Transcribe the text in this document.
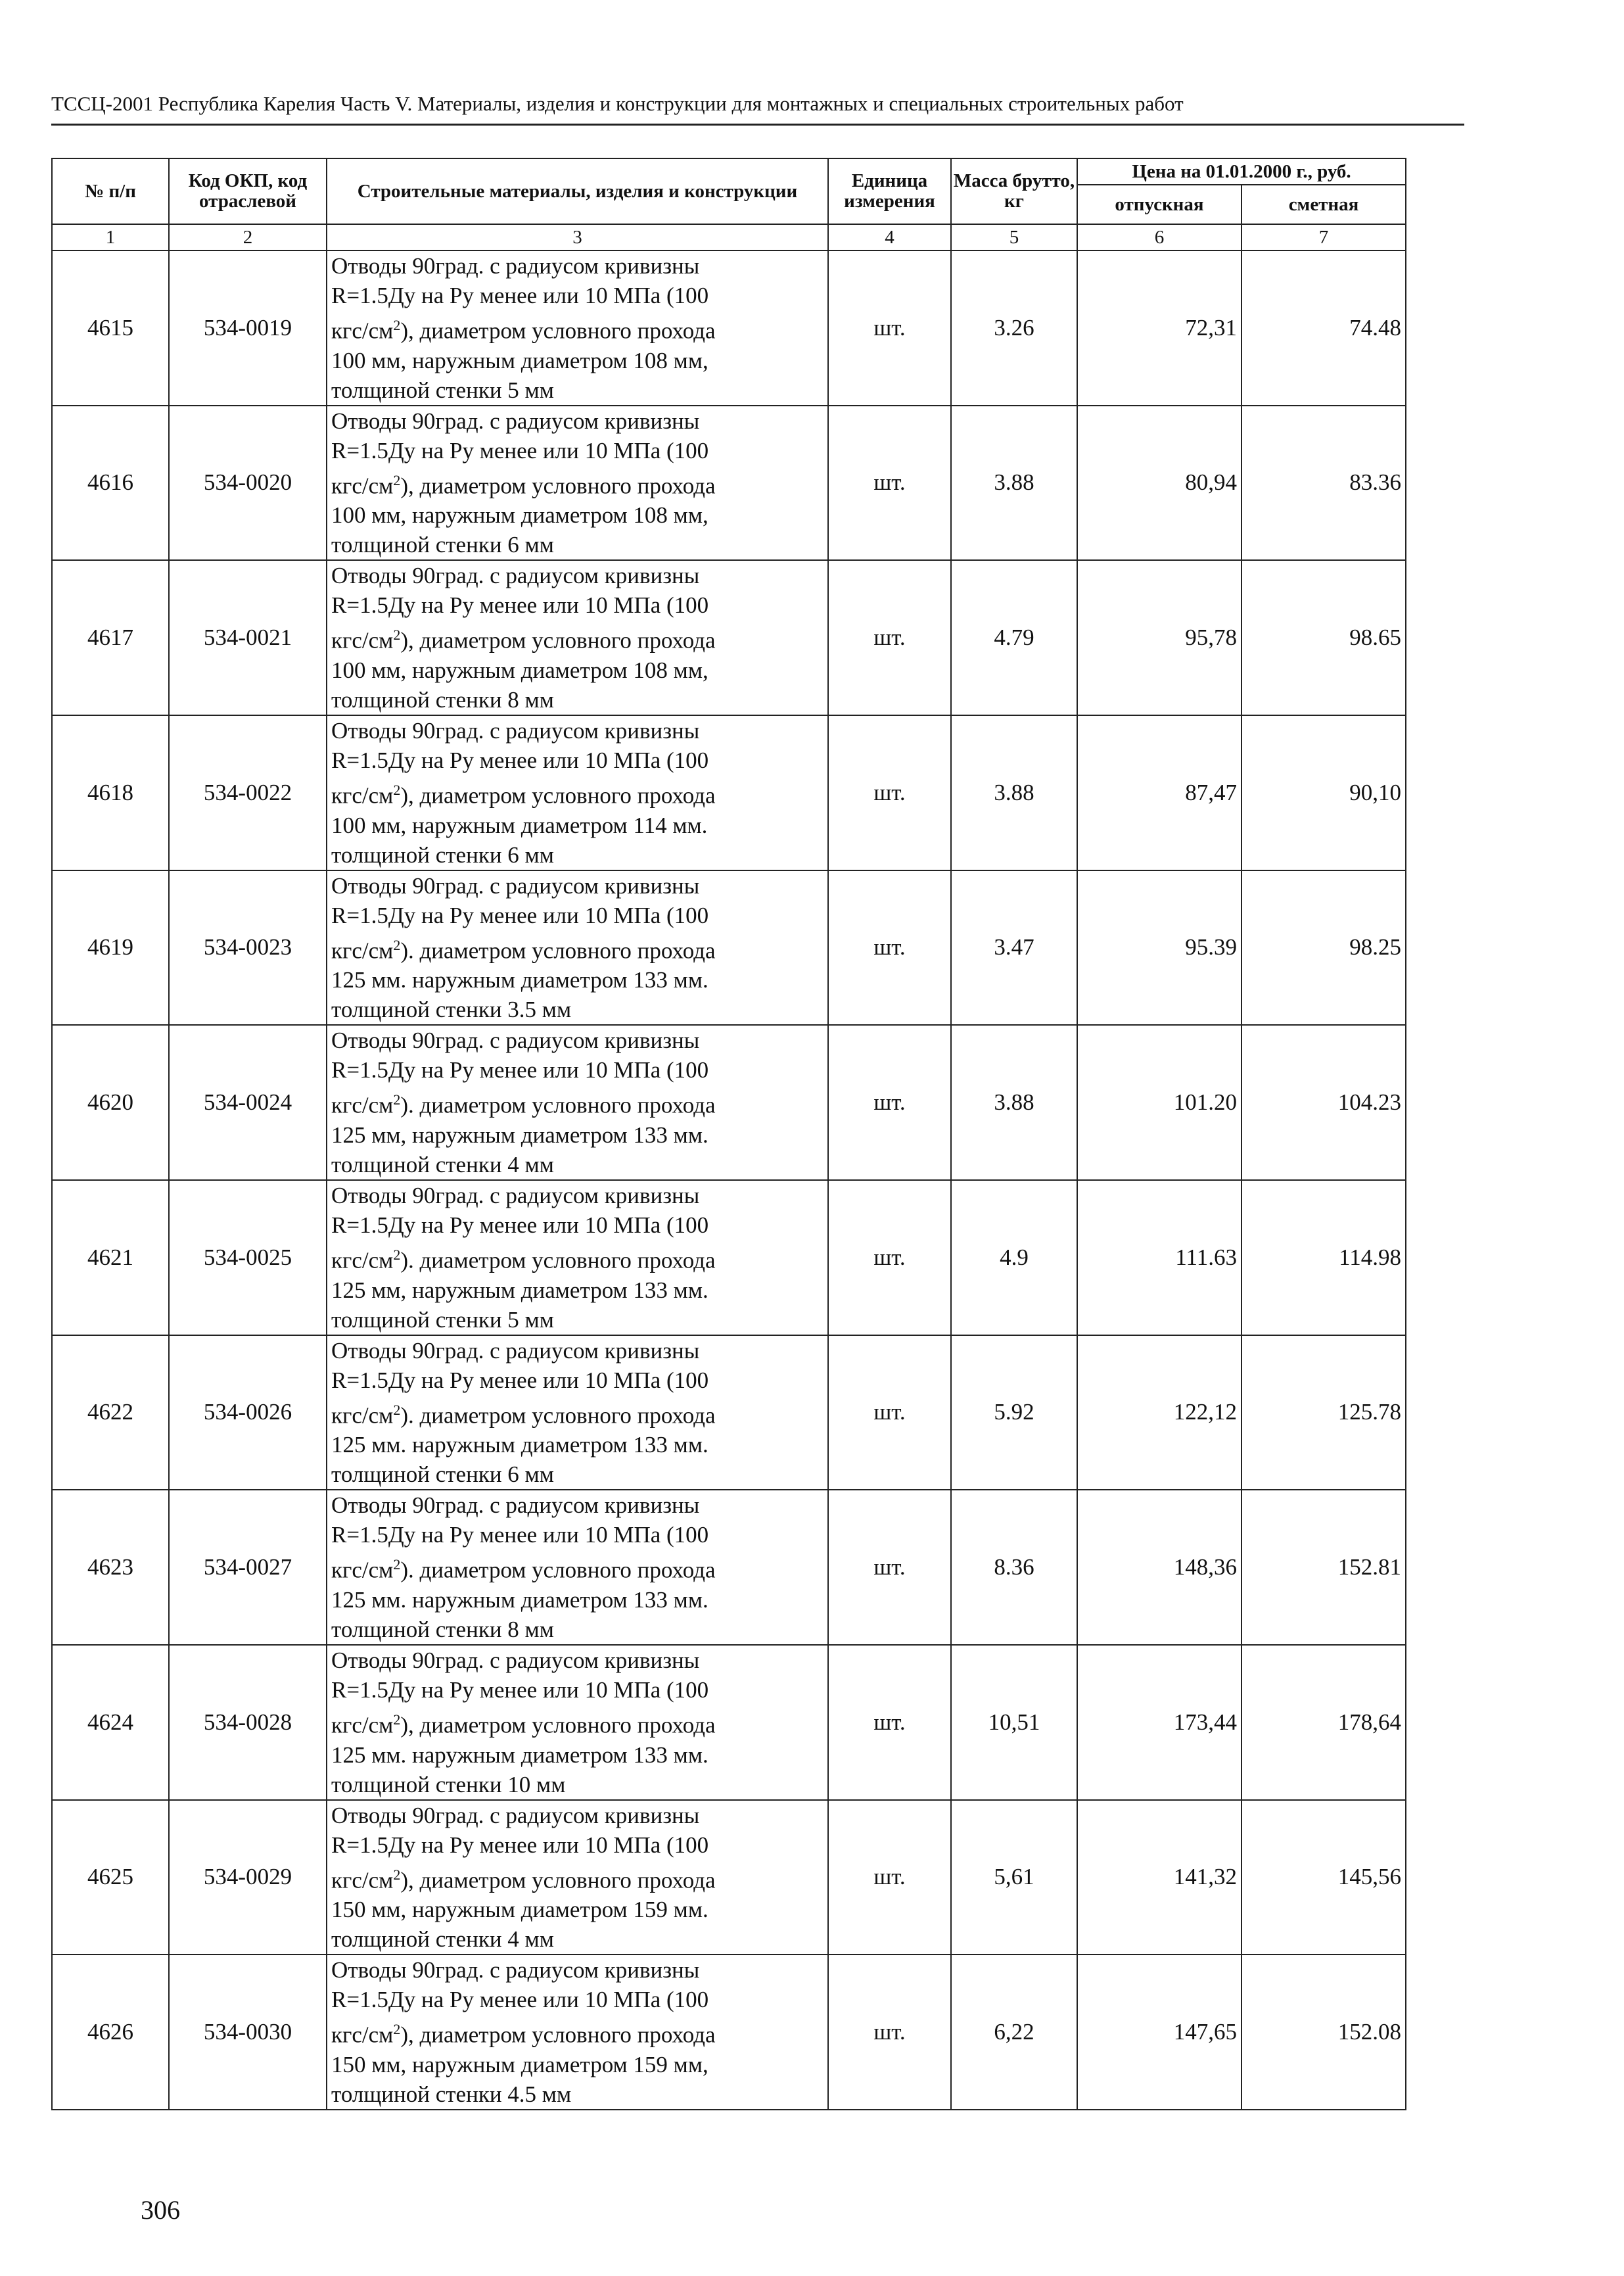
ТССЦ-2001 Республика Карелия Часть V. Материалы, изделия и конструкции для монтажных и специальных строительных работ
№ п/п	Код ОКП, код отраслевой	Строительные материалы, изделия и конструкции	Единица измерения	Масса брутто, кг	Цена на 01.01.2000 г., руб.	
					отпускная	сметная
1	2	3	4	5	6	7
4615	534-0019	Отводы 90град. с радиусом кривизны
R=1.5Ду на Ру менее или 10 МПа (100
кгс/$см^2$), диаметром условного прохода
100 мм, наружным диаметром 108 мм,
толщиной стенки 5 мм	шт.	3.26	72,31	74.48
4616	534-0020	Отводы 90град. с радиусом кривизны
R=1.5Ду на Ру менее или 10 МПа (100
кгс/$см^2$), диаметром условного прохода
100 мм, наружным диаметром 108 мм,
толщиной стенки 6 мм	шт.	3.88	80,94	83.36
4617	534-0021	Отводы 90град. с радиусом кривизны
R=1.5Ду на Ру менее или 10 МПа (100
кгс/$см^2$), диаметром условного прохода
100 мм, наружным диаметром 108 мм,
толщиной стенки 8 мм	шт.	4.79	95,78	98.65
4618	534-0022	Отводы 90град. с радиусом кривизны
R=1.5Ду на Ру менее или 10 МПа (100
кгс/$см^2$), диаметром условного прохода
100 мм, наружным диаметром 114 мм.
толщиной стенки 6 мм	шт.	3.88	87,47	90,10
4619	534-0023	Отводы 90град. с радиусом кривизны
R=1.5Ду на Ру менее или 10 МПа (100
кгс/$см^2$). диаметром условного прохода
125 мм. наружным диаметром 133 мм.
толщиной стенки 3.5 мм	шт.	3.47	95.39	98.25
4620	534-0024	Отводы 90град. с радиусом кривизны
R=1.5Ду на Ру менее или 10 МПа (100
кгс/$см^2$). диаметром условного прохода
125 мм, наружным диаметром 133 мм.
толщиной стенки 4 мм	шт.	3.88	101.20	104.23
4621	534-0025	Отводы 90град. с радиусом кривизны
R=1.5Ду на Ру менее или 10 МПа (100
кгс/$см^2$). диаметром условного прохода
125 мм, наружным диаметром 133 мм.
толщиной стенки 5 мм	шт.	4.9	111.63	114.98
4622	534-0026	Отводы 90град. с радиусом кривизны
R=1.5Ду на Ру менее или 10 МПа (100
кгс/$см^2$). диаметром условного прохода
125 мм. наружным диаметром 133 мм.
толщиной стенки 6 мм	шт.	5.92	122,12	125.78
4623	534-0027	Отводы 90град. с радиусом кривизны
R=1.5Ду на Ру менее или 10 МПа (100
кгс/$см^2$). диаметром условного прохода
125 мм. наружным диаметром 133 мм.
толщиной стенки 8 мм	шт.	8.36	148,36	152.81
4624	534-0028	Отводы 90град. с радиусом кривизны
R=1.5Ду на Ру менее или 10 МПа (100
кгс/$см^2$), диаметром условного прохода
125 мм. наружным диаметром 133 мм.
толщиной стенки 10 мм	шт.	10,51	173,44	178,64
4625	534-0029	Отводы 90град. с радиусом кривизны
R=1.5Ду на Ру менее или 10 МПа (100
кгс/$см^2$), диаметром условного прохода
150 мм, наружным диаметром 159 мм.
толщиной стенки 4 мм	шт.	5,61	141,32	145,56
4626	534-0030	Отводы 90град. с радиусом кривизны
R=1.5Ду на Ру менее или 10 МПа (100
кгс/$см^2$), диаметром условного прохода
150 мм, наружным диаметром 159 мм,
толщиной стенки 4.5 мм	шт.	6,22	147,65	152.08
306
